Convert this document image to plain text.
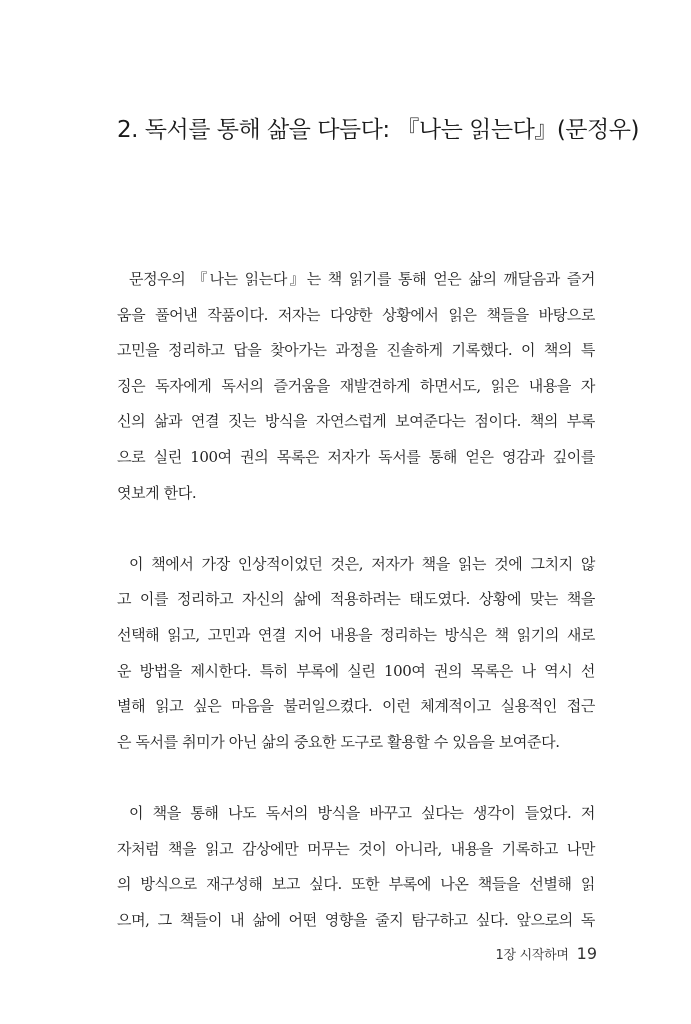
2. 독서를 통해 삶을 다듬다: 『나는 읽는다』(문정우)
문정우의 『나는 읽는다』는 책 읽기를 통해 얻은 삶의 깨달음과 즐거
움을 풀어낸 작품이다. 저자는 다양한 상황에서 읽은 책들을 바탕으로
고민을 정리하고 답을 찾아가는 과정을 진솔하게 기록했다. 이 책의 특
징은 독자에게 독서의 즐거움을 재발견하게 하면서도, 읽은 내용을 자
신의 삶과 연결 짓는 방식을 자연스럽게 보여준다는 점이다. 책의 부록
으로 실린 100여 권의 목록은 저자가 독서를 통해 얻은 영감과 깊이를
엿보게 한다.
이 책에서 가장 인상적이었던 것은, 저자가 책을 읽는 것에 그치지 않
고 이를 정리하고 자신의 삶에 적용하려는 태도였다. 상황에 맞는 책을
선택해 읽고, 고민과 연결 지어 내용을 정리하는 방식은 책 읽기의 새로
운 방법을 제시한다. 특히 부록에 실린 100여 권의 목록은 나 역시 선
별해 읽고 싶은 마음을 불러일으켰다. 이런 체계적이고 실용적인 접근
은 독서를 취미가 아닌 삶의 중요한 도구로 활용할 수 있음을 보여준다.
이 책을 통해 나도 독서의 방식을 바꾸고 싶다는 생각이 들었다. 저
자처럼 책을 읽고 감상에만 머무는 것이 아니라, 내용을 기록하고 나만
의 방식으로 재구성해 보고 싶다. 또한 부록에 나온 책들을 선별해 읽
으며, 그 책들이 내 삶에 어떤 영향을 줄지 탐구하고 싶다. 앞으로의 독
1장 시작하며 19
